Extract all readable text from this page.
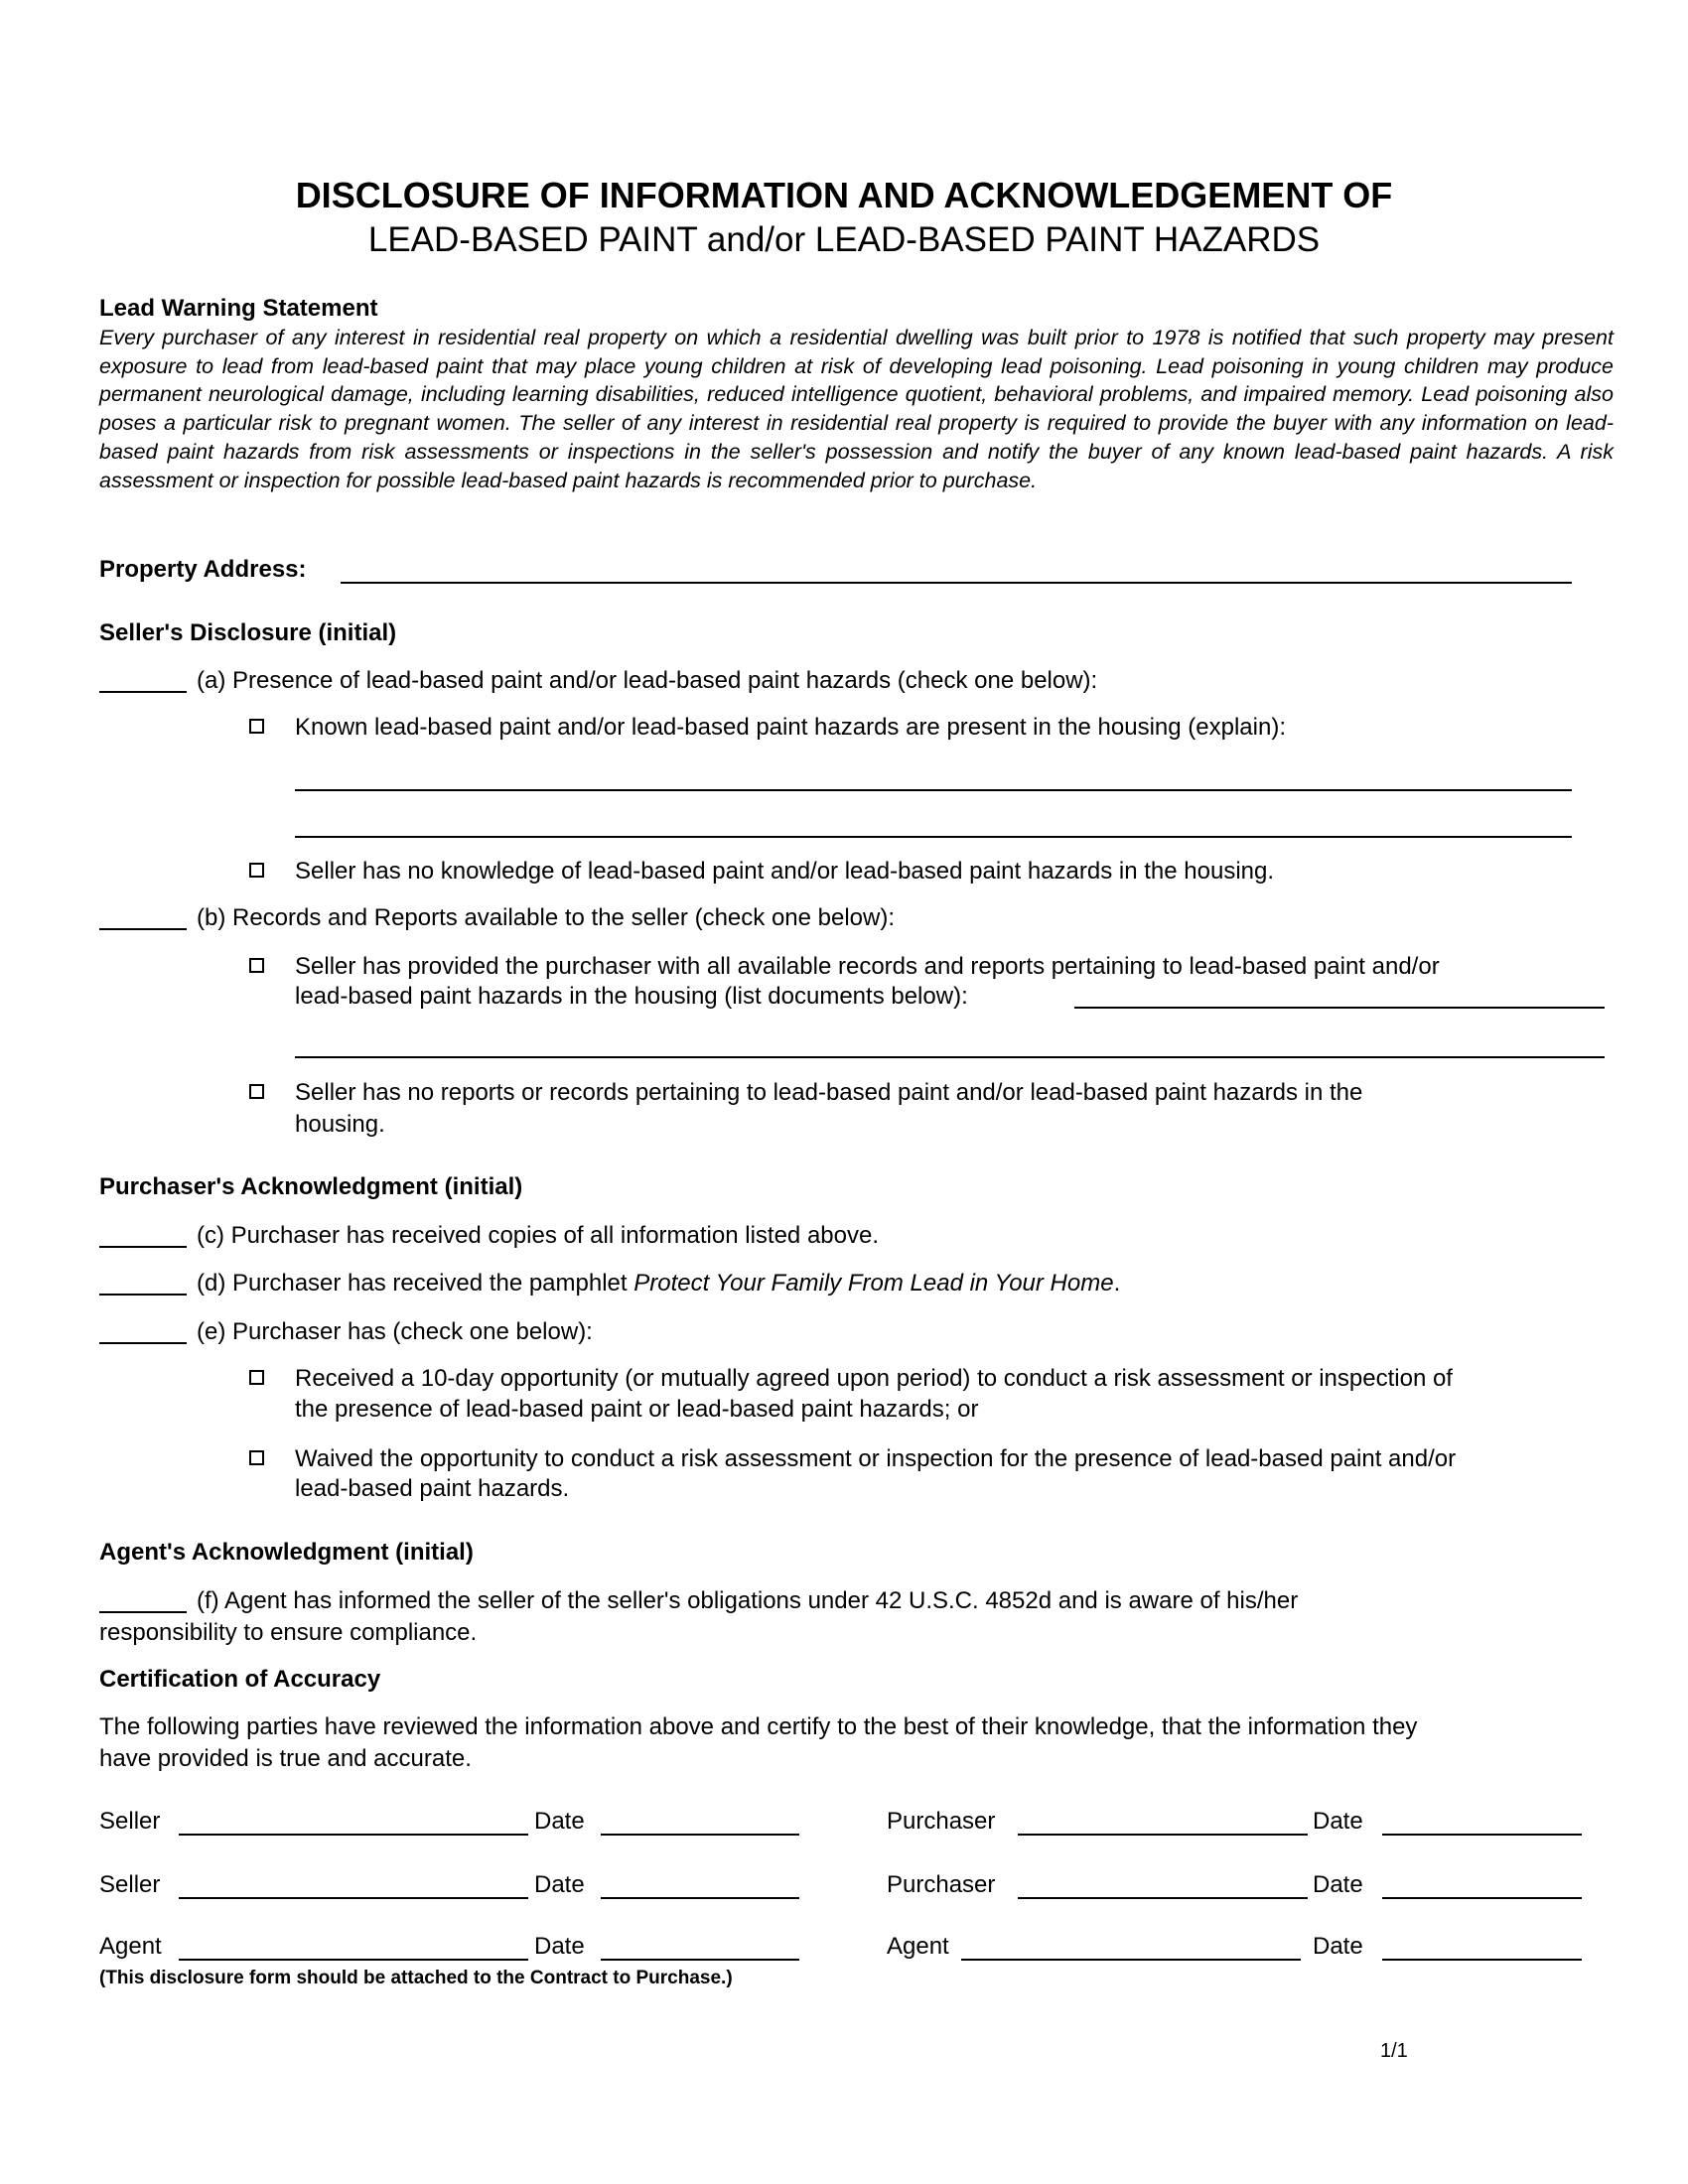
DISCLOSURE OF INFORMATION AND ACKNOWLEDGEMENT OF
LEAD-BASED PAINT and/or LEAD-BASED PAINT HAZARDS
Lead Warning Statement
Every purchaser of any interest in residential real property on which a residential dwelling was built prior to 1978 is notified that such property may present exposure to lead from lead-based paint that may place young children at risk of developing lead poisoning. Lead poisoning in young children may produce permanent neurological damage, including learning disabilities, reduced intelligence quotient, behavioral problems, and impaired memory. Lead poisoning also poses a particular risk to pregnant women. The seller of any interest in residential real property is required to provide the buyer with any information on lead-based paint hazards from risk assessments or inspections in the seller's possession and notify the buyer of any known lead-based paint hazards. A risk assessment or inspection for possible lead-based paint hazards is recommended prior to purchase.
Property Address:
Seller's Disclosure (initial)
(a) Presence of lead-based paint and/or lead-based paint hazards (check one below):
Known lead-based paint and/or lead-based paint hazards are present in the housing (explain):
Seller has no knowledge of lead-based paint and/or lead-based paint hazards in the housing.
(b) Records and Reports available to the seller (check one below):
Seller has provided the purchaser with all available records and reports pertaining to lead-based paint and/or
lead-based paint hazards in the housing (list documents below):
Seller has no reports or records pertaining to lead-based paint and/or lead-based paint hazards in the
housing.
Purchaser's Acknowledgment (initial)
(c) Purchaser has received copies of all information listed above.
(d) Purchaser has received the pamphlet Protect Your Family From Lead in Your Home.
(e) Purchaser has (check one below):
Received a 10-day opportunity (or mutually agreed upon period) to conduct a risk assessment or inspection of
the presence of lead-based paint or lead-based paint hazards; or
Waived the opportunity to conduct a risk assessment or inspection for the presence of lead-based paint and/or
lead-based paint hazards.
Agent's Acknowledgment (initial)
(f) Agent has informed the seller of the seller's obligations under 42 U.S.C. 4852d and is aware of his/her
responsibility to ensure compliance.
Certification of Accuracy
The following parties have reviewed the information above and certify to the best of their knowledge, that the information they
have provided is true and accurate.
Seller	Date	Purchaser	Date
Seller	Date	Purchaser	Date
Agent	Date	Agent	Date
(This disclosure form should be attached to the Contract to Purchase.)
1/1
